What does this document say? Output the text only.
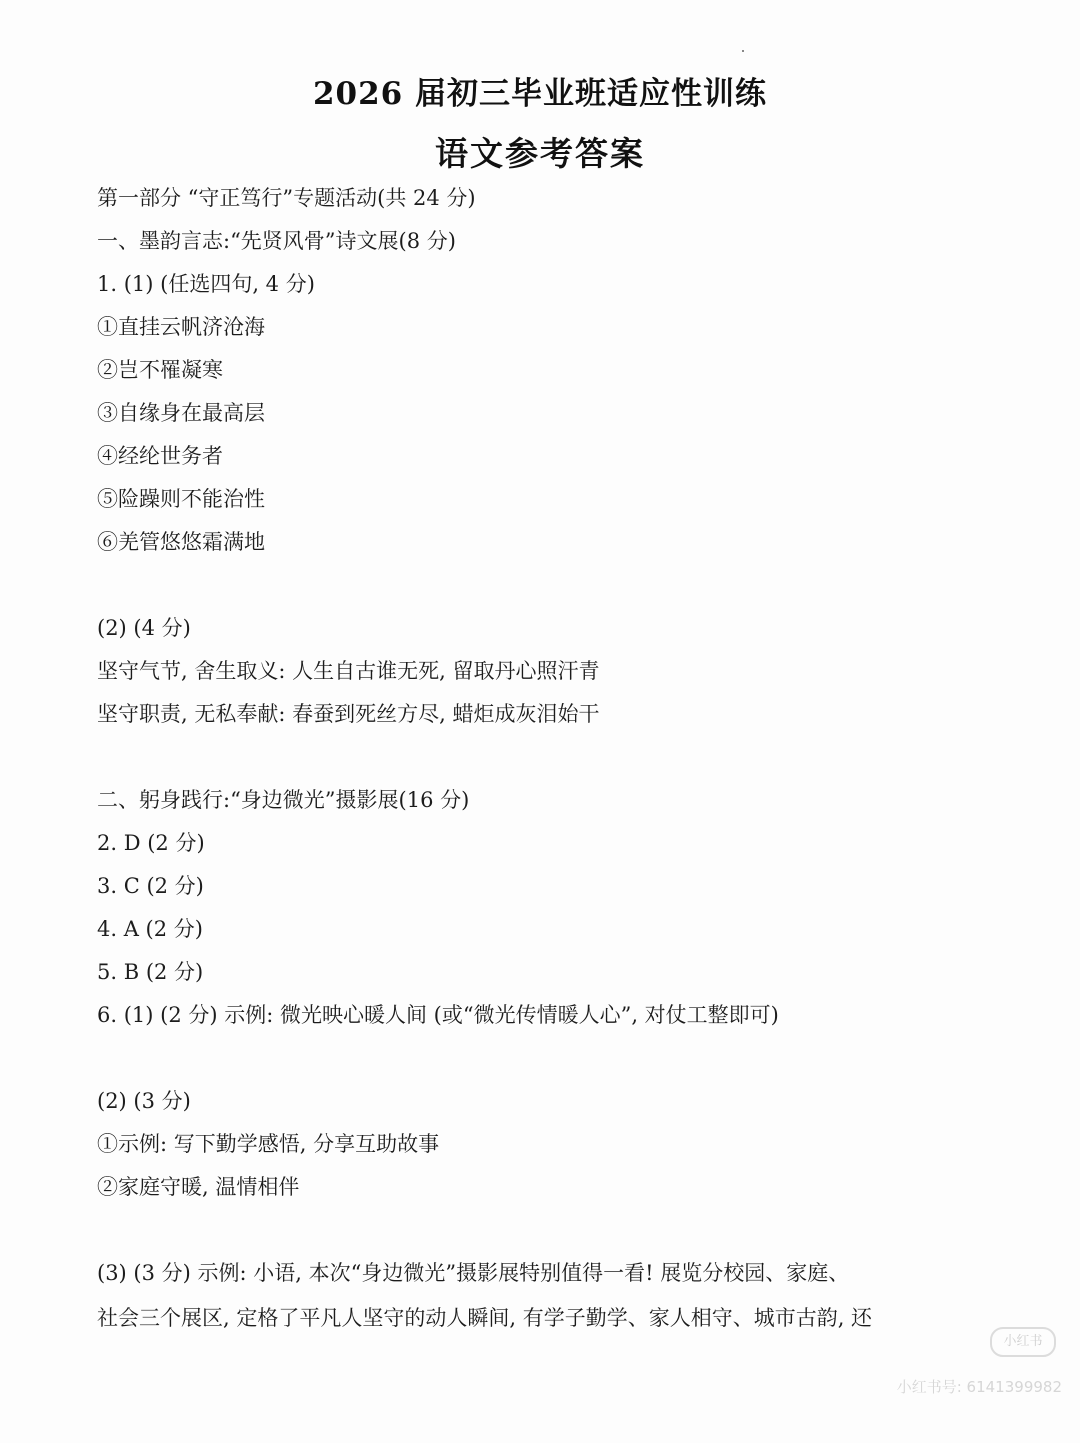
2026 届初三毕业班适应性训练
语文参考答案
第一部分 “守正笃行”专题活动(共 24 分)
一、墨韵言志:“先贤风骨”诗文展(8 分)
1. (1) (任选四句, 4 分)
①直挂云帆济沧海
②岂不罹凝寒
③自缘身在最高层
④经纶世务者
⑤险躁则不能治性
⑥羌管悠悠霜满地
(2) (4 分)
坚守气节, 舍生取义: 人生自古谁无死, 留取丹心照汗青
坚守职责, 无私奉献: 春蚕到死丝方尽, 蜡炬成灰泪始干
二、躬身践行:“身边微光”摄影展(16 分)
2. D (2 分)
3. C (2 分)
4. A (2 分)
5. B (2 分)
6. (1) (2 分) 示例: 微光映心暖人间 (或“微光传情暖人心”, 对仗工整即可)
(2) (3 分)
①示例: 写下勤学感悟, 分享互助故事
②家庭守暖, 温情相伴
(3) (3 分) 示例: 小语, 本次“身边微光”摄影展特别值得一看! 展览分校园、家庭、
社会三个展区, 定格了平凡人坚守的动人瞬间, 有学子勤学、家人相守、城市古韵, 还
小红书
小红书号: 6141399982
